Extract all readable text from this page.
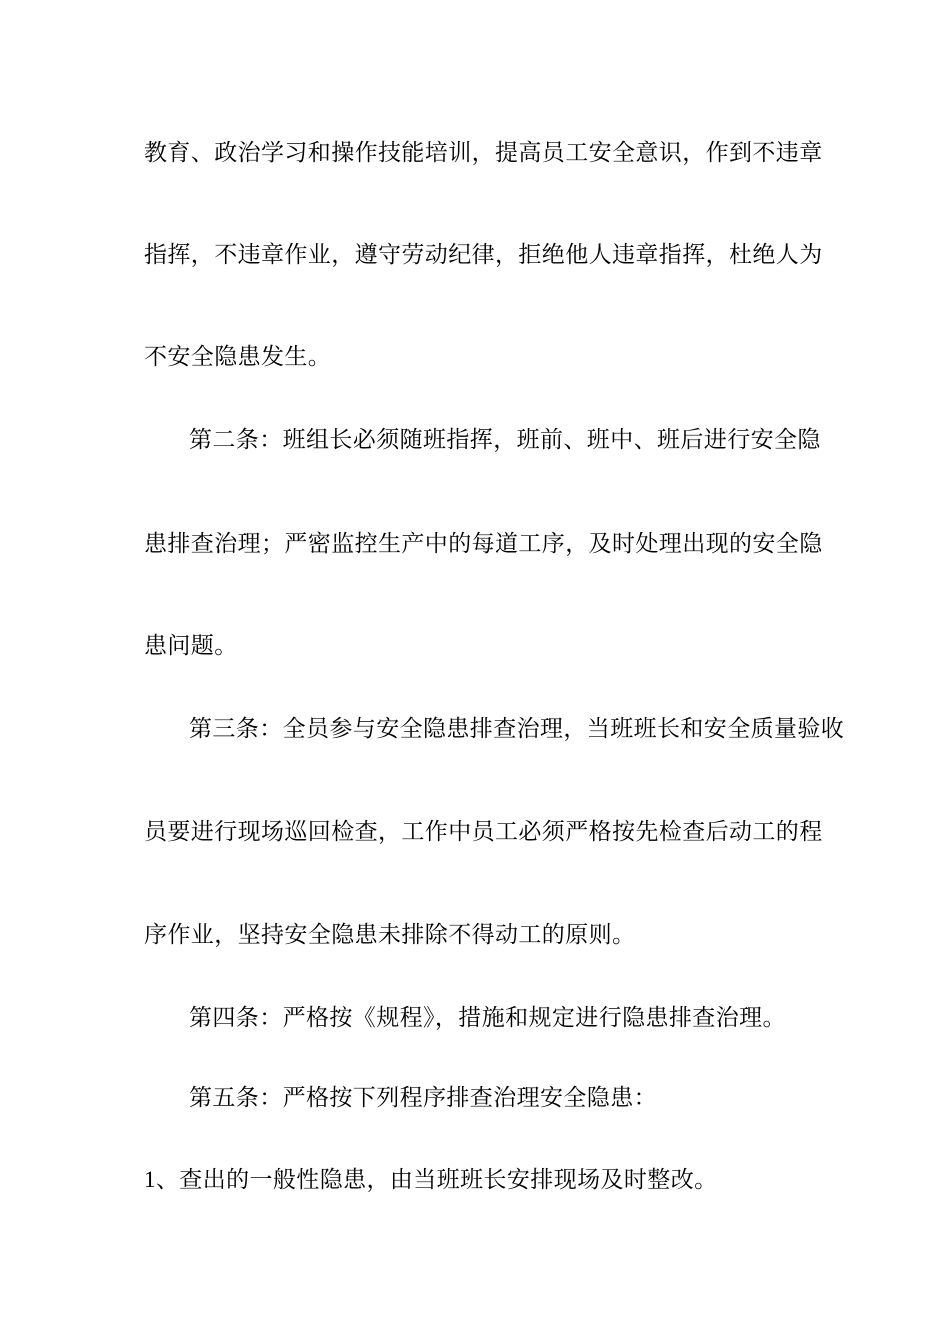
教育、政治学习和操作技能培训，提高员工安全意识，作到不违章
指挥，不违章作业，遵守劳动纪律，拒绝他人违章指挥，杜绝人为
不安全隐患发生。
第二条：班组长必须随班指挥，班前、班中、班后进行安全隐
患排查治理；严密监控生产中的每道工序，及时处理出现的安全隐
患问题。
第三条：全员参与安全隐患排查治理，当班班长和安全质量验收
员要进行现场巡回检查，工作中员工必须严格按先检查后动工的程
序作业，坚持安全隐患未排除不得动工的原则。
第四条：严格按《规程》，措施和规定进行隐患排查治理。
第五条：严格按下列程序排查治理安全隐患：
1、查出的一般性隐患，由当班班长安排现场及时整改。
